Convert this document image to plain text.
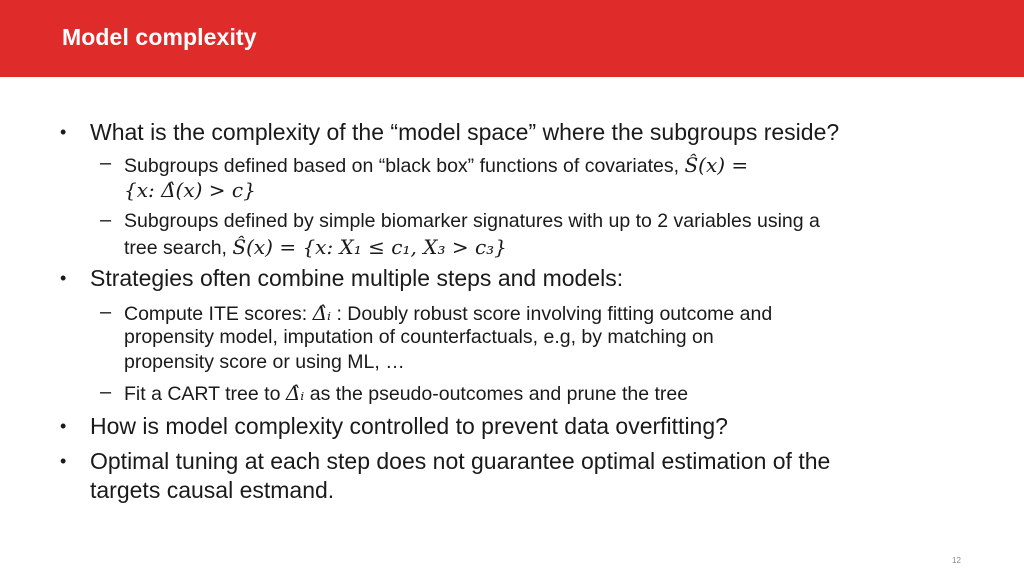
Model complexity
• What is the complexity of the “model space” where the subgroups reside?
– Subgroups defined based on “black box” functions of covariates, Ŝ(x) =
{x: Δ̂(x) > c}
– Subgroups defined by simple biomarker signatures with up to 2 variables using a
tree search, Ŝ(x) = {x: X₁ ≤ c₁, X₃ > c₃}
• Strategies often combine multiple steps and models:
– Compute ITE scores: Δ̂ᵢ : Doubly robust score involving fitting outcome and
propensity model, imputation of counterfactuals, e.g, by matching on
propensity score or using ML, …
– Fit a CART tree to Δ̂ᵢ as the pseudo-outcomes and prune the tree
• How is model complexity controlled to prevent data overfitting?
• Optimal tuning at each step does not guarantee optimal estimation of the
targets causal estmand.
12
